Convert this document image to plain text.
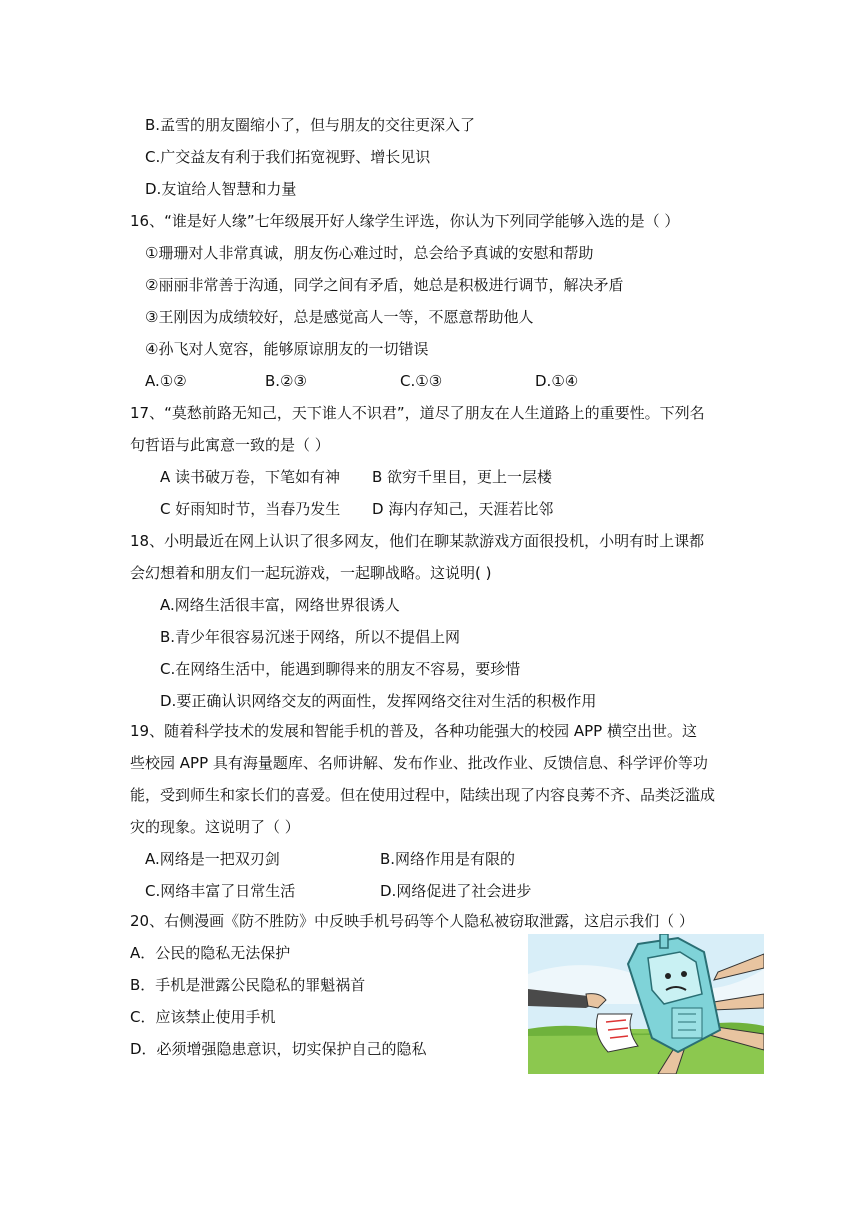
B.孟雪的朋友圈缩小了，但与朋友的交往更深入了
C.广交益友有利于我们拓宽视野、增长见识
D.友谊给人智慧和力量
16、“谁是好人缘”七年级展开好人缘学生评选，你认为下列同学能够入选的是（ ）
①珊珊对人非常真诚，朋友伤心难过时，总会给予真诚的安慰和帮助
②丽丽非常善于沟通，同学之间有矛盾，她总是积极进行调节，解决矛盾
③王刚因为成绩较好，总是感觉高人一等，不愿意帮助他人
④孙飞对人宽容，能够原谅朋友的一切错误
A.①②	B.②③	C.①③	D.①④
17、“莫愁前路无知己，天下谁人不识君”，道尽了朋友在人生道路上的重要性。下列名
句哲语与此寓意一致的是（ ）
A 读书破万卷，下笔如有神 B 欲穷千里目，更上一层楼
C 好雨知时节，当春乃发生 D 海内存知己，天涯若比邻
18、小明最近在网上认识了很多网友，他们在聊某款游戏方面很投机，小明有时上课都
会幻想着和朋友们一起玩游戏，一起聊战略。这说明( )
A.网络生活很丰富，网络世界很诱人
B.青少年很容易沉迷于网络，所以不提倡上网
C.在网络生活中，能遇到聊得来的朋友不容易，要珍惜
D.要正确认识网络交友的两面性，发挥网络交往对生活的积极作用
19、随着科学技术的发展和智能手机的普及，各种功能强大的校园 APP 横空出世。这
些校园 APP 具有海量题库、名师讲解、发布作业、批改作业、反馈信息、科学评价等功
能，受到师生和家长们的喜爱。但在使用过程中，陆续出现了内容良莠不齐、品类泛滥成
灾的现象。这说明了（ ）
A.网络是一把双刃剑	B.网络作用是有限的
C.网络丰富了日常生活	D.网络促进了社会进步
20、右侧漫画《防不胜防》中反映手机号码等个人隐私被窃取泄露，这启示我们（ ）
A．公民的隐私无法保护
B．手机是泄露公民隐私的罪魁祸首
C．应该禁止使用手机
D．必须增强隐患意识，切实保护自己的隐私
